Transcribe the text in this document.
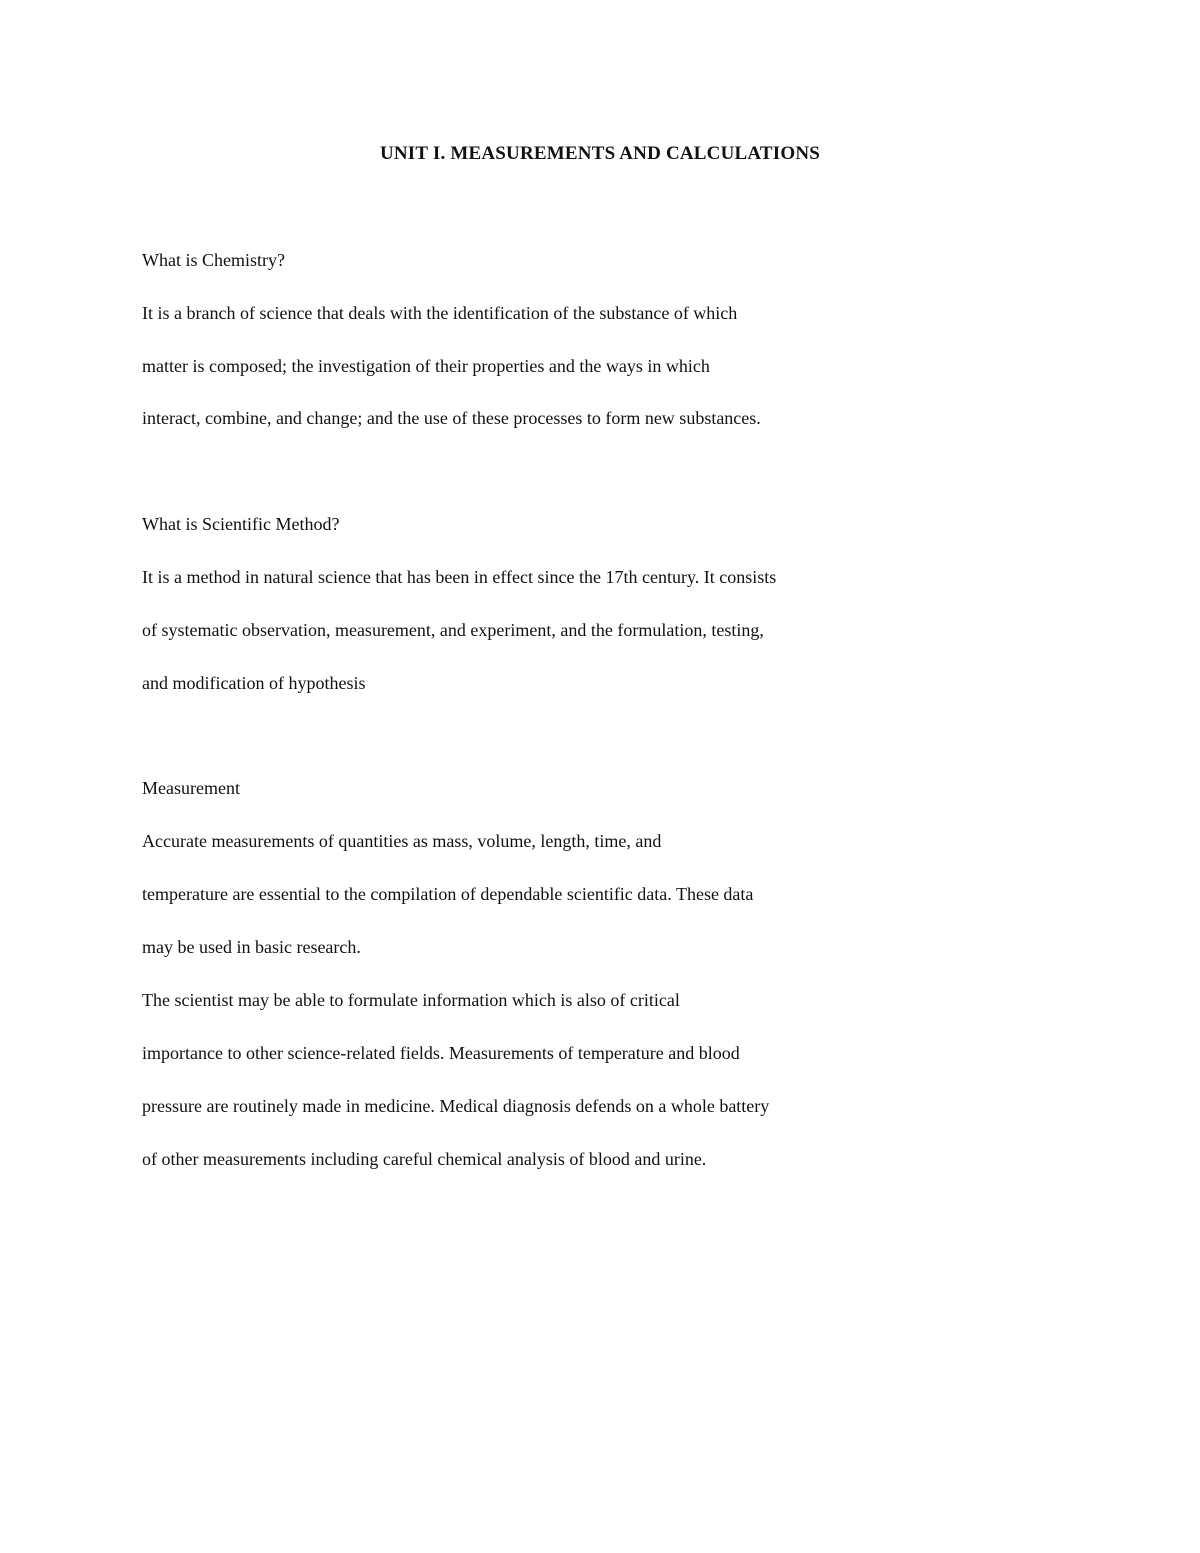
UNIT I. MEASUREMENTS AND CALCULATIONS
What is Chemistry?
It is a branch of science that deals with the identification of the substance of which
matter is composed; the investigation of their properties and the ways in which
interact, combine, and change; and the use of these processes to form new substances.
What is Scientific Method?
It is a method in natural science that has been in effect since the 17th century. It consists
of systematic observation, measurement, and experiment, and the formulation, testing,
and modification of hypothesis
Measurement
Accurate measurements of quantities as mass, volume, length, time, and
temperature are essential to the compilation of dependable scientific data. These data
may be used in basic research.
The scientist may be able to formulate information which is also of critical
importance to other science-related fields. Measurements of temperature and blood
pressure are routinely made in medicine. Medical diagnosis defends on a whole battery
of other measurements including careful chemical analysis of blood and urine.
